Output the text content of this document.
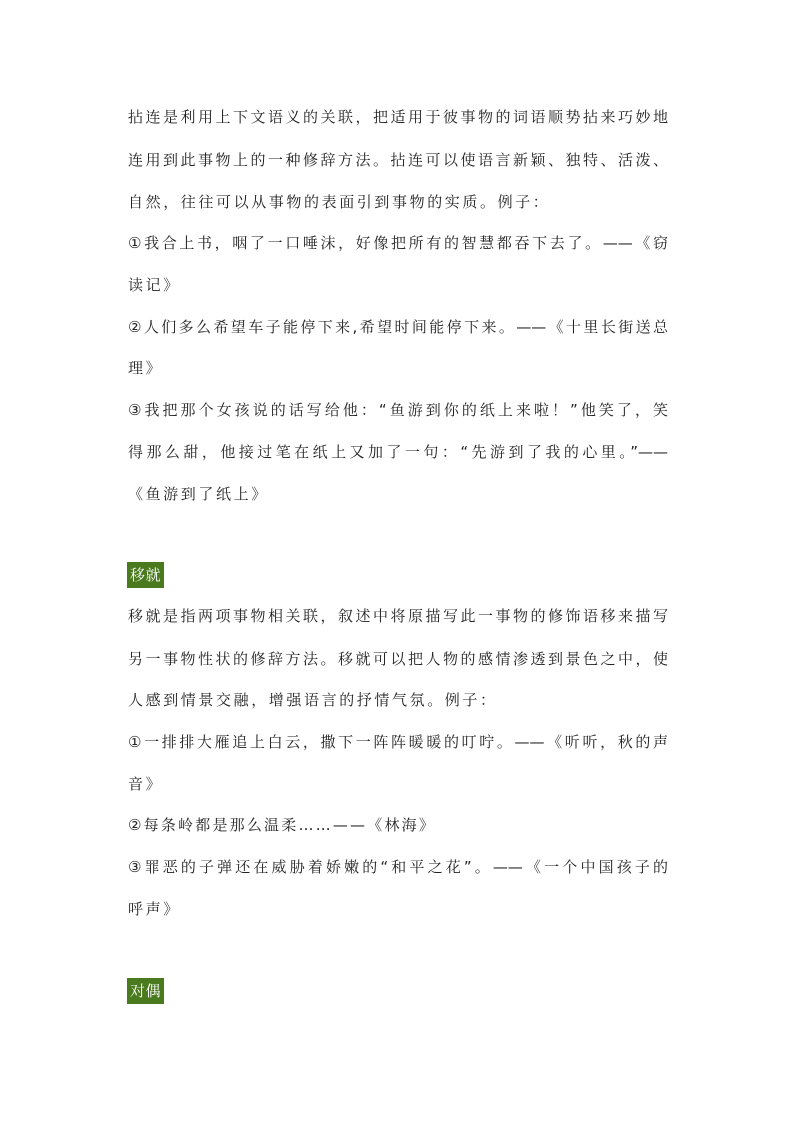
拈连是利用上下文语义的关联，把适用于彼事物的词语顺势拈来巧妙地
连用到此事物上的一种修辞方法。拈连可以使语言新颖、独特、活泼、
自然，往往可以从事物的表面引到事物的实质。例子：
①我合上书，咽了一口唾沫，好像把所有的智慧都吞下去了。——《窃
读记》
②人们多么希望车子能停下来,希望时间能停下来。——《十里长街送总
理》
③我把那个女孩说的话写给他：“鱼游到你的纸上来啦！”他笑了，笑
得那么甜，他接过笔在纸上又加了一句：“先游到了我的心里。”——
《鱼游到了纸上》
移就
移就是指两项事物相关联，叙述中将原描写此一事物的修饰语移来描写
另一事物性状的修辞方法。移就可以把人物的感情渗透到景色之中，使
人感到情景交融，增强语言的抒情气氛。例子：
①一排排大雁追上白云，撒下一阵阵暖暖的叮咛。——《听听，秋的声
音》
②每条岭都是那么温柔……——《林海》
③罪恶的子弹还在威胁着娇嫩的“和平之花”。——《一个中国孩子的
呼声》
对偶
